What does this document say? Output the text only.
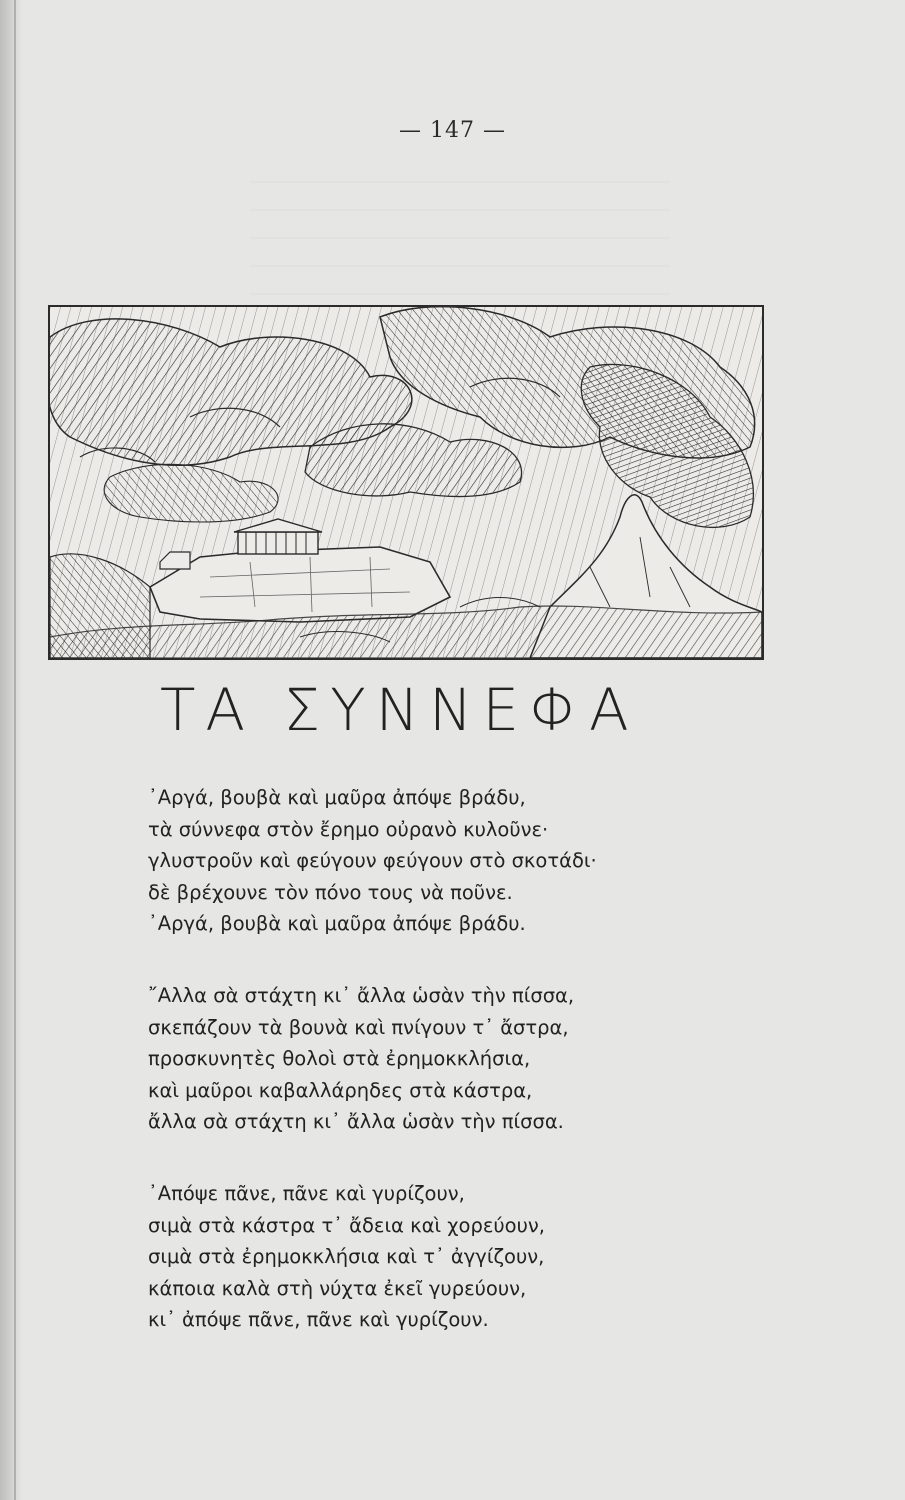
— 147 —
ΤΑ ΣΥΝΝΕΦΑ
᾿Αργά, βουβὰ καὶ μαῦρα ἀπόψε βράδυ,
τὰ σύννεφα στὸν ἔρημο οὐρανὸ κυλοῦνε·
γλυστροῦν καὶ φεύγουν φεύγουν στὸ σκοτάδι·
δὲ βρέχουνε τὸν πόνο τους νὰ ποῦνε.
᾿Αργά, βουβὰ καὶ μαῦρα ἀπόψε βράδυ.
῎Αλλα σὰ στάχτη κι᾿ ἄλλα ὡσὰν τὴν πίσσα,
σκεπάζουν τὰ βουνὰ καὶ πνίγουν τ᾿ ἄστρα,
προσκυνητὲς θολοὶ στὰ ἐρημοκκλήσια,
καὶ μαῦροι καβαλλάρηδες στὰ κάστρα,
ἄλλα σὰ στάχτη κι᾿ ἄλλα ὡσὰν τὴν πίσσα.
᾿Απόψε πᾶνε, πᾶνε καὶ γυρίζουν,
σιμὰ στὰ κάστρα τ᾿ ἄδεια καὶ χορεύουν,
σιμὰ στὰ ἐρημοκκλήσια καὶ τ᾿ ἀγγίζουν,
κάποια καλὰ στὴ νύχτα ἐκεῖ γυρεύουν,
κι᾿ ἀπόψε πᾶνε, πᾶνε καὶ γυρίζουν.
